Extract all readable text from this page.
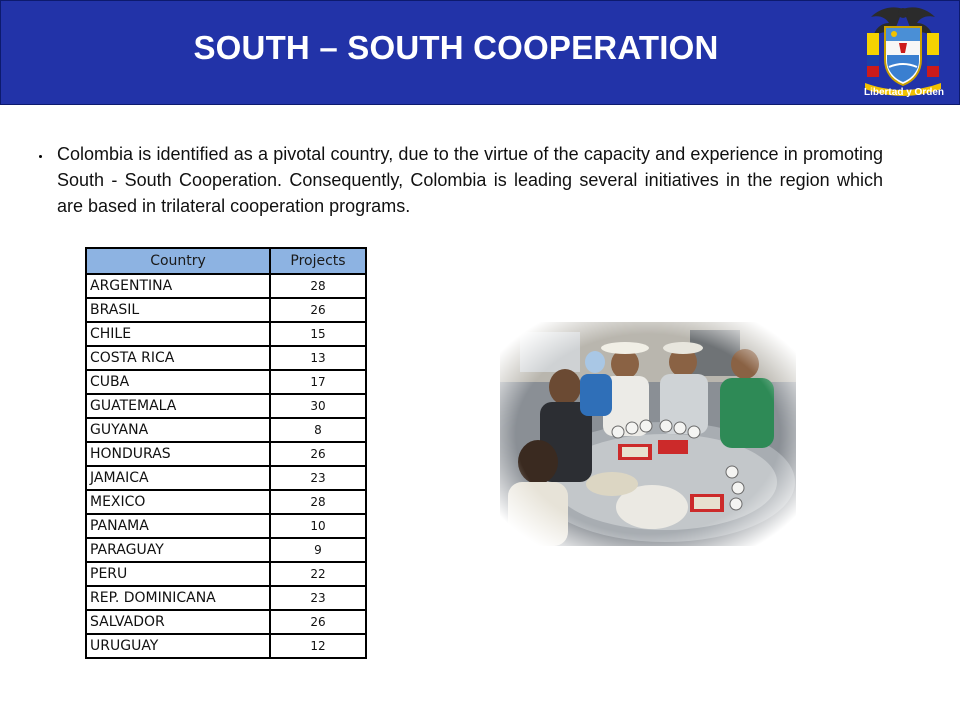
SOUTH – SOUTH COOPERATION
Libertad y Orden
Colombia is identified as a pivotal country, due to the virtue of the capacity and experience in promoting South - South Cooperation. Consequently, Colombia is leading several initiatives in the region which are based in trilateral cooperation programs.
Country	Projects
ARGENTINA	28
BRASIL	26
CHILE	15
COSTA RICA	13
CUBA	17
GUATEMALA	30
GUYANA	8
HONDURAS	26
JAMAICA	23
MEXICO	28
PANAMA	10
PARAGUAY	9
PERU	22
REP. DOMINICANA	23
SALVADOR	26
URUGUAY	12
